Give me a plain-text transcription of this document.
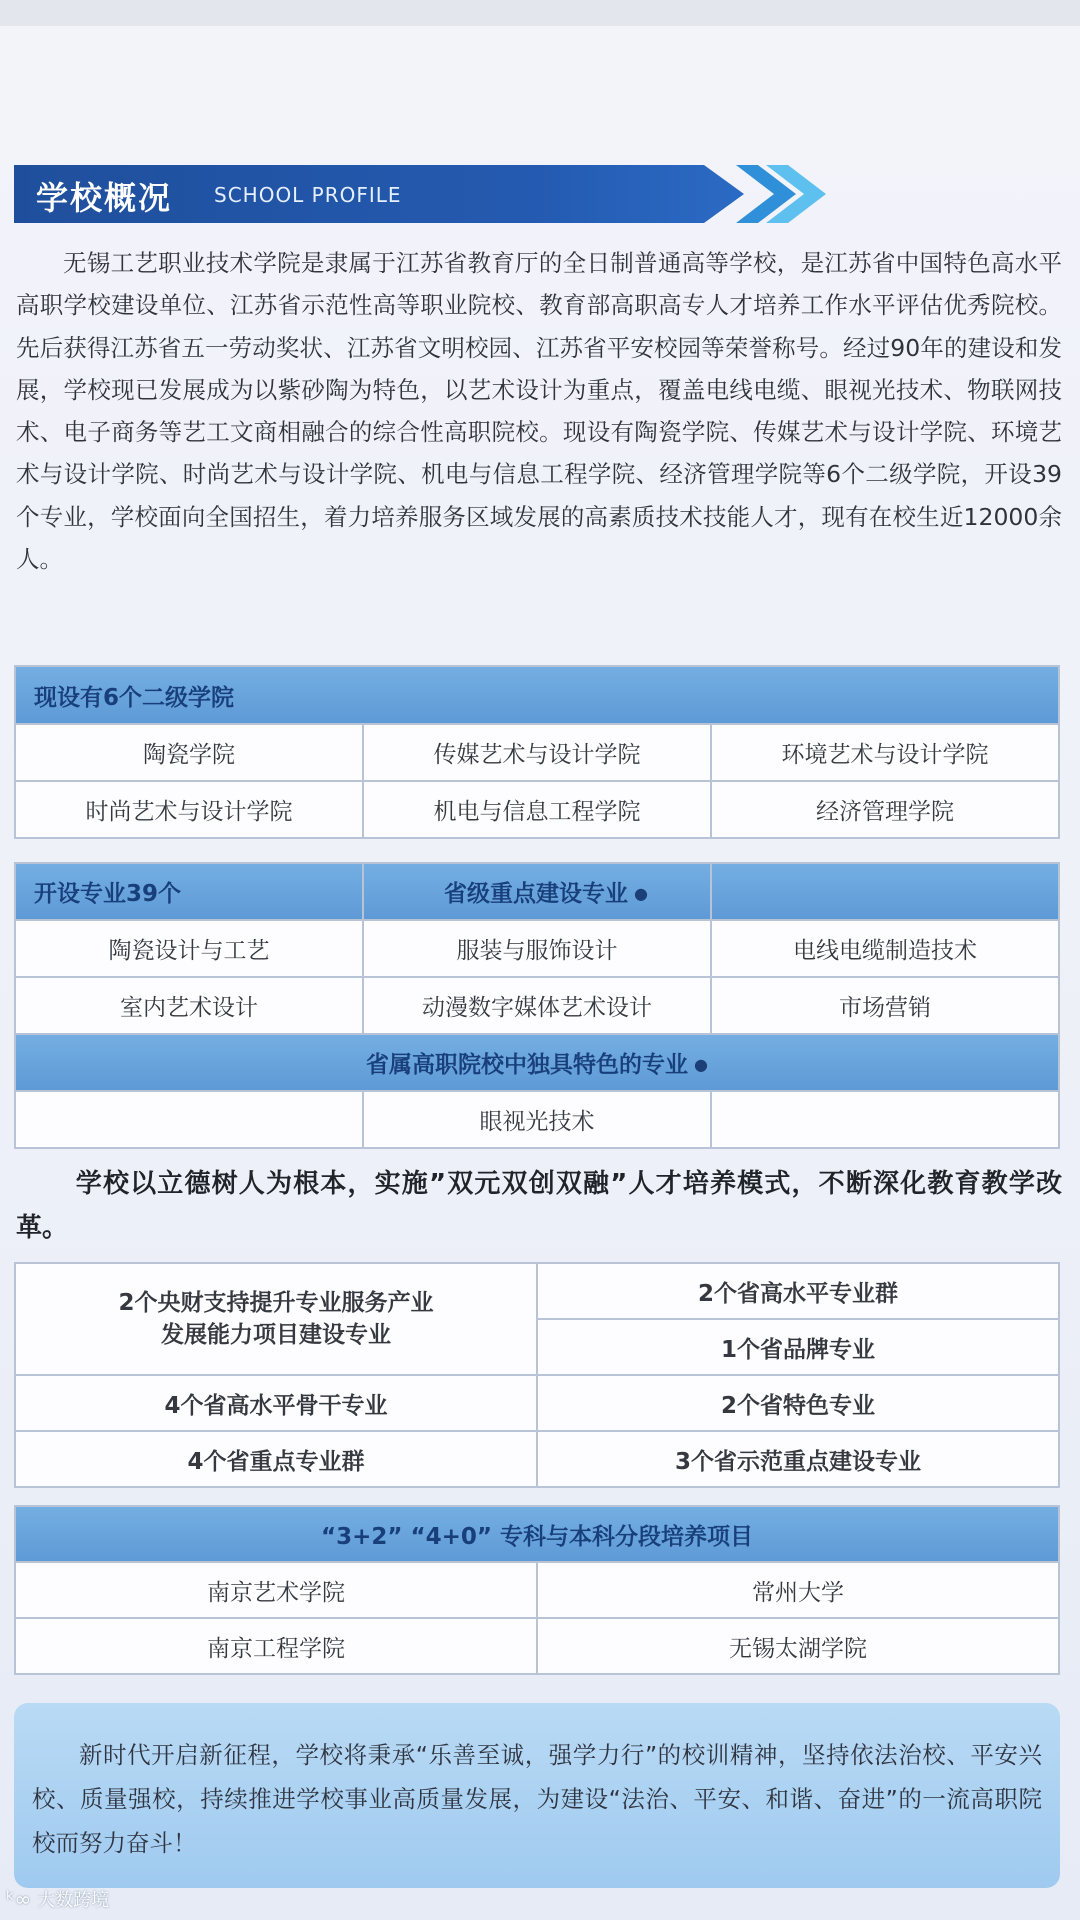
学校概况 SCHOOL PROFILE

无锡工艺职业技术学院是隶属于江苏省教育厅的全日制普通高等学校，是江苏省中国特色高水平高职学校建设单位、江苏省示范性高等职业院校、教育部高职高专人才培养工作水平评估优秀院校。先后获得江苏省五一劳动奖状、江苏省文明校园、江苏省平安校园等荣誉称号。经过90年的建设和发展，学校现已发展成为以紫砂陶为特色，以艺术设计为重点，覆盖电线电缆、眼视光技术、物联网技术、电子商务等艺工文商相融合的综合性高职院校。现设有陶瓷学院、传媒艺术与设计学院、环境艺术与设计学院、时尚艺术与设计学院、机电与信息工程学院、经济管理学院等6个二级学院，开设39个专业，学校面向全国招生，着力培养服务区域发展的高素质技术技能人才，现有在校生近12000余人。

现设有6个二级学院		
陶瓷学院	传媒艺术与设计学院	环境艺术与设计学院
时尚艺术与设计学院	机电与信息工程学院	经济管理学院
开设专业39个	省级重点建设专业 ●	
陶瓷设计与工艺	服装与服饰设计	电线电缆制造技术
室内艺术设计	动漫数字媒体艺术设计	市场营销
省属高职院校中独具特色的专业 ●		
	眼视光技术	

学校以立德树人为根本，实施”双元双创双融”人才培养模式，不断深化教育教学改革。

2个央财支持提升专业服务产业发展能力项目建设专业	2个省高水平专业群
	1个省品牌专业
4个省高水平骨干专业	2个省特色专业
4个省重点专业群	3个省示范重点建设专业
“3+2” “4+0” 专科与本科分段培养项目	
南京艺术学院	常州大学
南京工程学院	无锡太湖学院

新时代开启新征程，学校将秉承“乐善至诚，强学力行”的校训精神，坚持依法治校、平安兴校、质量强校，持续推进学校事业高质量发展，为建设“法治、平安、和谐、奋进”的一流高职院校而努力奋斗！

ᵏ∞ 大数跨境
